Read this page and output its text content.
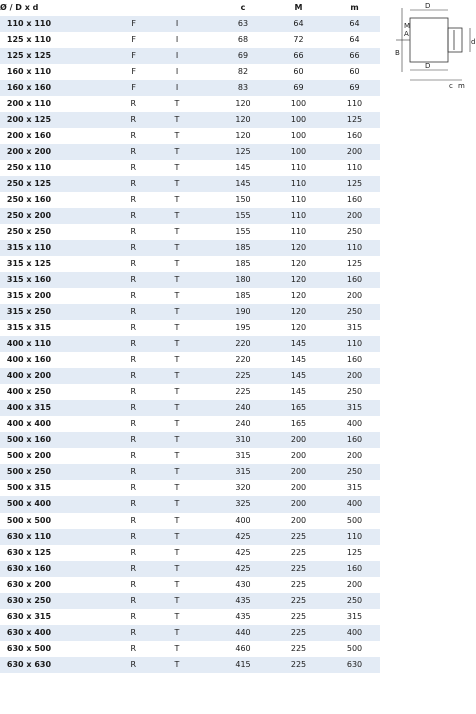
Ø / D x d			c	M	m
110 x 110	F	I	63	64	64
125 x 110	F	I	68	72	64
125 x 125	F	I	69	66	66
160 x 110	F	I	82	60	60
160 x 160	F	I	83	69	69
200 x 110	R	T	120	100	110
200 x 125	R	T	120	100	125
200 x 160	R	T	120	100	160
200 x 200	R	T	125	100	200
250 x 110	R	T	145	110	110
250 x 125	R	T	145	110	125
250 x 160	R	T	150	110	160
250 x 200	R	T	155	110	200
250 x 250	R	T	155	110	250
315 x 110	R	T	185	120	110
315 x 125	R	T	185	120	125
315 x 160	R	T	180	120	160
315 x 200	R	T	185	120	200
315 x 250	R	T	190	120	250
315 x 315	R	T	195	120	315
400 x 110	R	T	220	145	110
400 x 160	R	T	220	145	160
400 x 200	R	T	225	145	200
400 x 250	R	T	225	145	250
400 x 315	R	T	240	165	315
400 x 400	R	T	240	165	400
500 x 160	R	T	310	200	160
500 x 200	R	T	315	200	200
500 x 250	R	T	315	200	250
500 x 315	R	T	320	200	315
500 x 400	R	T	325	200	400
500 x 500	R	T	400	200	500
630 x 110	R	T	425	225	110
630 x 125	R	T	425	225	125
630 x 160	R	T	425	225	160
630 x 200	R	T	430	225	200
630 x 250	R	T	435	225	250
630 x 315	R	T	435	225	315
630 x 400	R	T	440	225	400
630 x 500	R	T	460	225	500
630 x 630	R	T	415	225	630
D
A
M
B
d
D
c m
